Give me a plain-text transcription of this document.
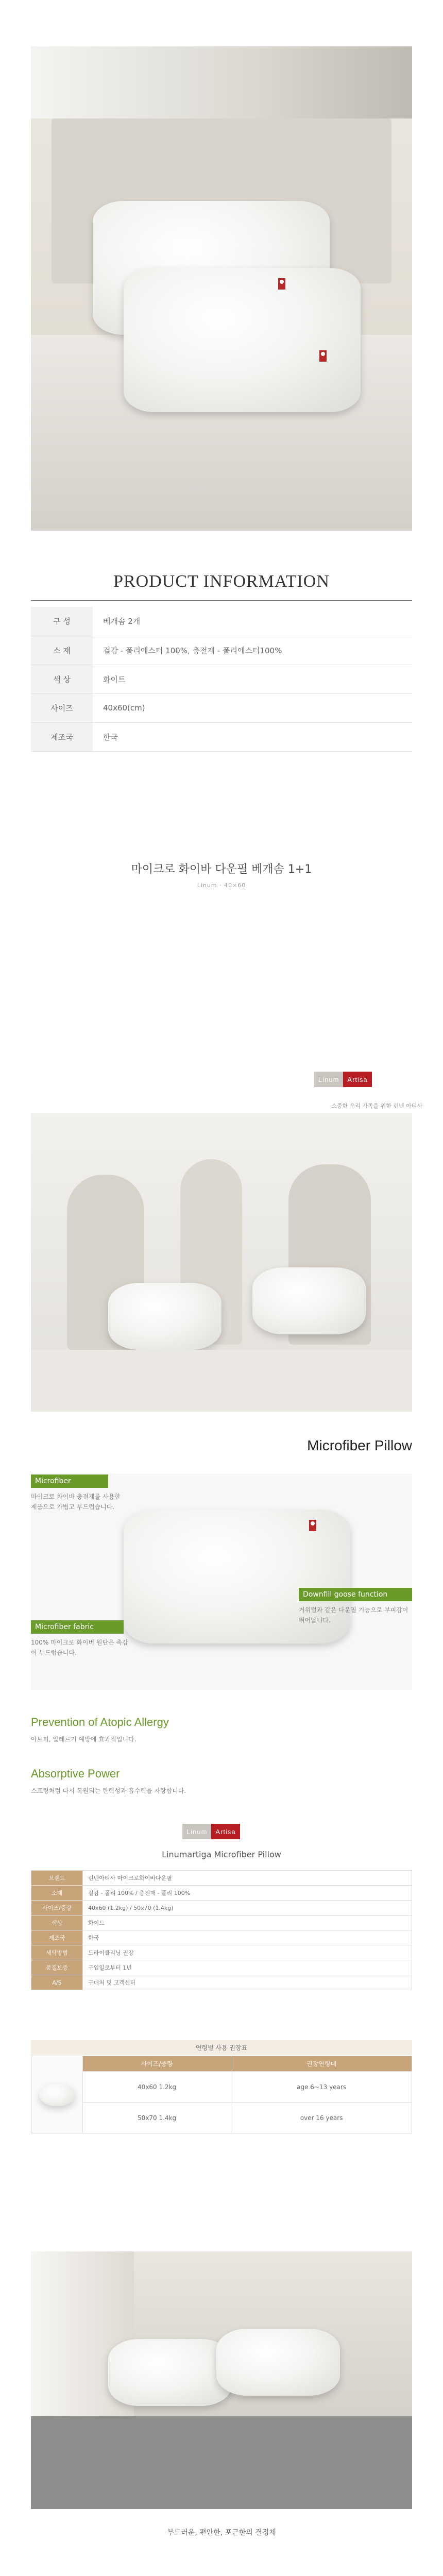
PRODUCT INFORMATION
구 성	베개솜 2개
소 재	겉감 - 폴리에스터 100%, 충전재 - 폴리에스터100%
색 상	화이트
사이즈	40x60(cm)
제조국	한국
마이크로 화이바 다운필 베개솜 1+1
Linum · 40×60
Linum	Artisa
소중한 우리 가족을 위한 린넨 아티사
Microfiber Pillow
Microfiber
마이크로 화이바 충전재를 사용한 제품으로 가볍고 부드럽습니다.
Microfiber fabric
100% 마이크로 화이버 원단은 촉감이 부드럽습니다.
Downfill goose function
거위털과 같은 다운필 기능으로 부피감이 뛰어납니다.
Prevention of Atopic Allergy
아토피, 알레르기 예방에 효과적입니다.
Absorptive Power
스프링처럼 다시 복원되는 탄력성과 흡수력을 자랑합니다.
Linum	Artisa
Linumartiga Microfiber Pillow
브랜드	린넨아티사 마이크로화이바다운필
소재	겉감 - 폴리 100% / 충전재 - 폴리 100%
사이즈/중량	40x60 (1.2kg) / 50x70 (1.4kg)
색상	화이트
제조국	한국
세탁방법	드라이클리닝 권장
품질보증	구입일로부터 1년
A/S	구매처 및 고객센터
연령별 사용 권장표
	사이즈/중량	권장연령대
	40x60 1.2kg	age 6~13 years
	50x70 1.4kg	over 16 years
부드러운, 편안한, 포근한의 결정체
